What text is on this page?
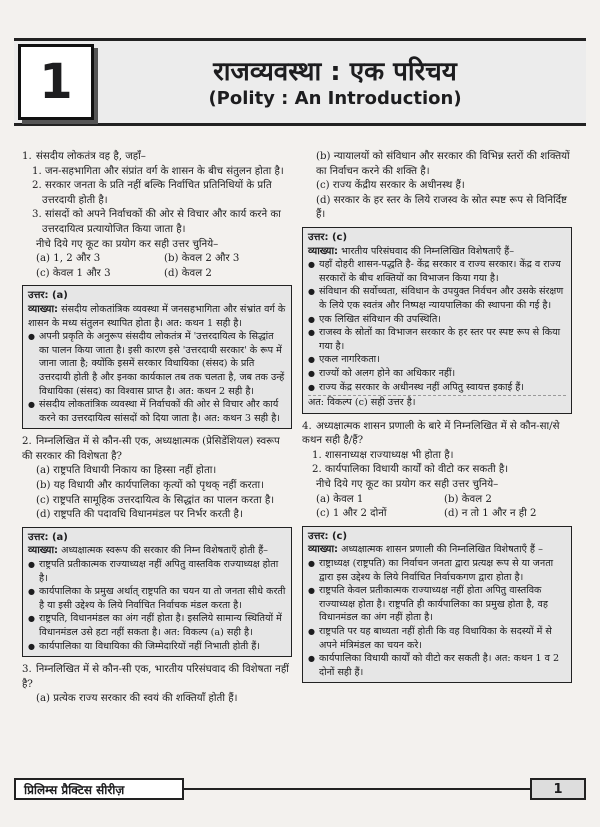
1	राजव्यवस्था : एक परिचय
(Polity : An Introduction)
1. संसदीय लोकतंत्र वह है, जहाँ–

1. जन-सहभागिता और संप्रांत वर्ग के शासन के बीच संतुलन होता है।

2. सरकार जनता के प्रति नहीं बल्कि निर्वाचित प्रतिनिधियों के प्रति उत्तरदायी होती है।

3. सांसदों को अपने निर्वाचकों की ओर से विचार और कार्य करने का उत्तरदायित्व प्रत्यायोजित किया जाता है।

नीचे दिये गए कूट का प्रयोग कर सही उत्तर चुनिये–

(a) 1, 2 और 3	(b) केवल 2 और 3
(c) केवल 1 और 3	(d) केवल 2
उत्तर: (a)
व्याख्या: संसदीय लोकतांत्रिक व्यवस्था में जनसहभागिता और संभ्रांत वर्ग के शासन के मध्य संतुलन स्थापित होता है। अत: कथन 1 सही है।
● अपनी प्रकृति के अनुरूप संसदीय लोकतंत्र में 'उत्तरदायित्व के सिद्धांत का पालन किया जाता है। इसी कारण इसे 'उत्तरदायी सरकार' के रूप में जाना जाता है; क्योंकि इसमें सरकार विधायिका (संसद) के प्रति उत्तरदायी होती है और इनका कार्यकाल तब तक चलता है, जब तक उन्हें विधायिका (संसद) का विश्वास प्राप्त है। अत: कथन 2 सही है।
● संसदीय लोकतांत्रिक व्यवस्था में निर्वाचकों की ओर से विचार और कार्य करने का उत्तरदायित्व सांसदों को दिया जाता है। अत: कथन 3 सही है।
2. निम्नलिखित में से कौन-सी एक, अध्यक्षात्मक (प्रेसिडेंशियल) स्वरूप की सरकार की विशेषता है?

(a) राष्ट्रपति विधायी निकाय का हिस्सा नहीं होता।

(b) यह विधायी और कार्यपालिका कृत्यों को पृथक् नहीं करता।

(c) राष्ट्रपति सामूहिक उत्तरदायित्व के सिद्धांत का पालन करता है।

(d) राष्ट्रपति की पदावधि विधानमंडल पर निर्भर करती है।

उत्तर: (a)
व्याख्या: अध्यक्षात्मक स्वरूप की सरकार की निम्न विशेषताएँ होती हैं–
● राष्ट्रपति प्रतीकात्मक राज्याध्यक्ष नहीं अपितु वास्तविक राज्याध्यक्ष होता है।
● कार्यपालिका के प्रमुख अर्थात् राष्ट्रपति का चयन या तो जनता सीधे करती है या इसी उद्देश्य के लिये निर्वाचित निर्वाचक मंडल करता है।
● राष्ट्रपति, विधानमंडल का अंग नहीं होता है। इसलिये सामान्य स्थितियों में विधानमंडल उसे हटा नहीं सकता है। अत: विकल्प (a) सही है।
● कार्यपालिका या विधायिका की जिम्मेदारियों नहीं निभाती होती हैं।
3. निम्नलिखित में से कौन-सी एक, भारतीय परिसंघवाद की विशेषता नहीं है?

(a) प्रत्येक राज्य सरकार की स्वयं की शक्तियाँ होती हैं।

(b) न्यायालयों को संविधान और सरकार की विभिन्न स्तरों की शक्तियों का निर्वाचन करने की शक्ति है।

(c) राज्य केंद्रीय सरकार के अधीनस्थ हैं।

(d) सरकार के हर स्तर के लिये राजस्व के स्रोत स्पष्ट रूप से विनिर्दिष्ट हैं।

उत्तर: (c)
व्याख्या: भारतीय परिसंघवाद की निम्नलिखित विशेषताएँ हैं–
● यहाँ दोहरी शासन-पद्धति है- केंद्र सरकार व राज्य सरकार। केंद्र व राज्य सरकारों के बीच शक्तियों का विभाजन किया गया है।
● संविधान की सर्वोच्चता, संविधान के उपयुक्त निर्वचन और उसके संरक्षण के लिये एक स्वतंत्र और निष्पक्ष न्यायपालिका की स्थापना की गई है।
● एक लिखित संविधान की उपस्थिति।
● राजस्व के स्रोतों का विभाजन सरकार के हर स्तर पर स्पष्ट रूप से किया गया है।
● एकल नागरिकता।
● राज्यों को अलग होने का अधिकार नहीं।
● राज्य केंद्र सरकार के अधीनस्थ नहीं अपितु स्वायत्त इकाई हैं।
अत: विकल्प (c) सही उत्तर है।
4. अध्यक्षात्मक शासन प्रणाली के बारे में निम्नलिखित में से कौन-सा/से कथन सही है/हैं?

1. शासनाध्यक्ष राज्याध्यक्ष भी होता है।

2. कार्यपालिका विधायी कार्यों को वीटो कर सकती है।

नीचे दिये गए कूट का प्रयोग कर सही उत्तर चुनिये–

(a) केवल 1	(b) केवल 2
(c) 1 और 2 दोनों	(d) न तो 1 और न ही 2
उत्तर: (c)
व्याख्या: अध्यक्षात्मक शासन प्रणाली की निम्नलिखित विशेषताएँ हैं –
● राष्ट्राध्यक्ष (राष्ट्रपति) का निर्वाचन जनता द्वारा प्रत्यक्ष रूप से या जनता द्वारा इस उद्देश्य के लिये निर्वाचित निर्वाचकगण द्वारा होता है।
● राष्ट्रपति केवल प्रतीकात्मक राज्याध्यक्ष नहीं होता अपितु वास्तविक राज्याध्यक्ष होता है। राष्ट्रपति ही कार्यपालिका का प्रमुख होता है, वह विधानमंडल का अंग नहीं होता है।
● राष्ट्रपति पर यह बाध्यता नहीं होती कि वह विधायिका के सदस्यों में से अपने मंत्रिमंडल का चयन करे।
● कार्यपालिका विधायी कार्यों को वीटो कर सकती है। अत: कथन 1 व 2 दोनों सही हैं।
प्रिलिम्स प्रैक्टिस सीरीज़	1
